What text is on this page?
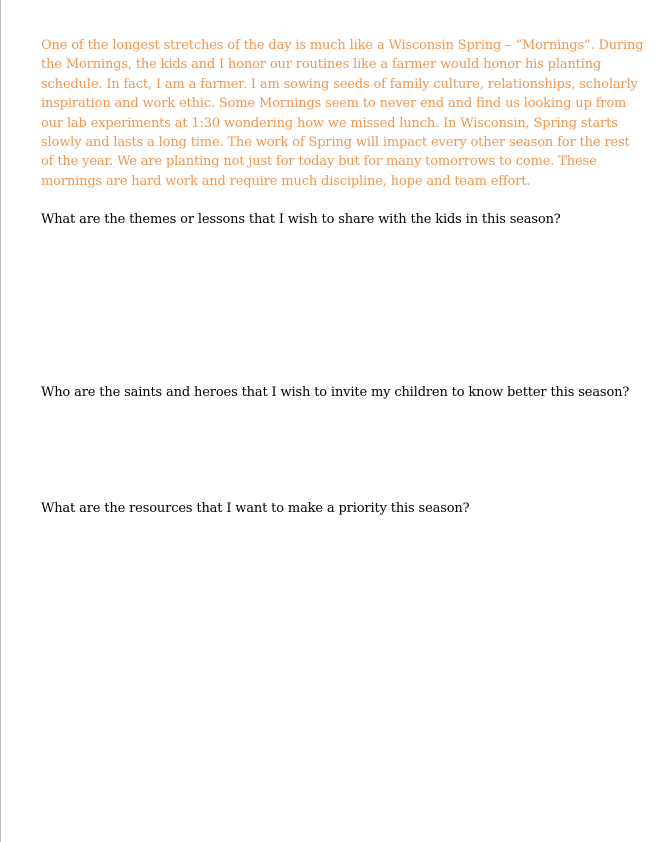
One of the longest stretches of the day is much like a Wisconsin Spring – “Mornings”. During the Mornings, the kids and I honor our routines like a farmer would honor his planting schedule. In fact, I am a farmer. I am sowing seeds of family culture, relationships, scholarly inspiration and work ethic. Some Mornings seem to never end and find us looking up from our lab experiments at 1:30 wondering how we missed lunch. In Wisconsin, Spring starts slowly and lasts a long time. The work of Spring will impact every other season for the rest of the year. We are planting not just for today but for many tomorrows to come. These mornings are hard work and require much discipline, hope and team effort.

What are the themes or lessons that I wish to share with the kids in this season?

Who are the saints and heroes that I wish to invite my children to know better this season?

What are the resources that I want to make a priority this season?
